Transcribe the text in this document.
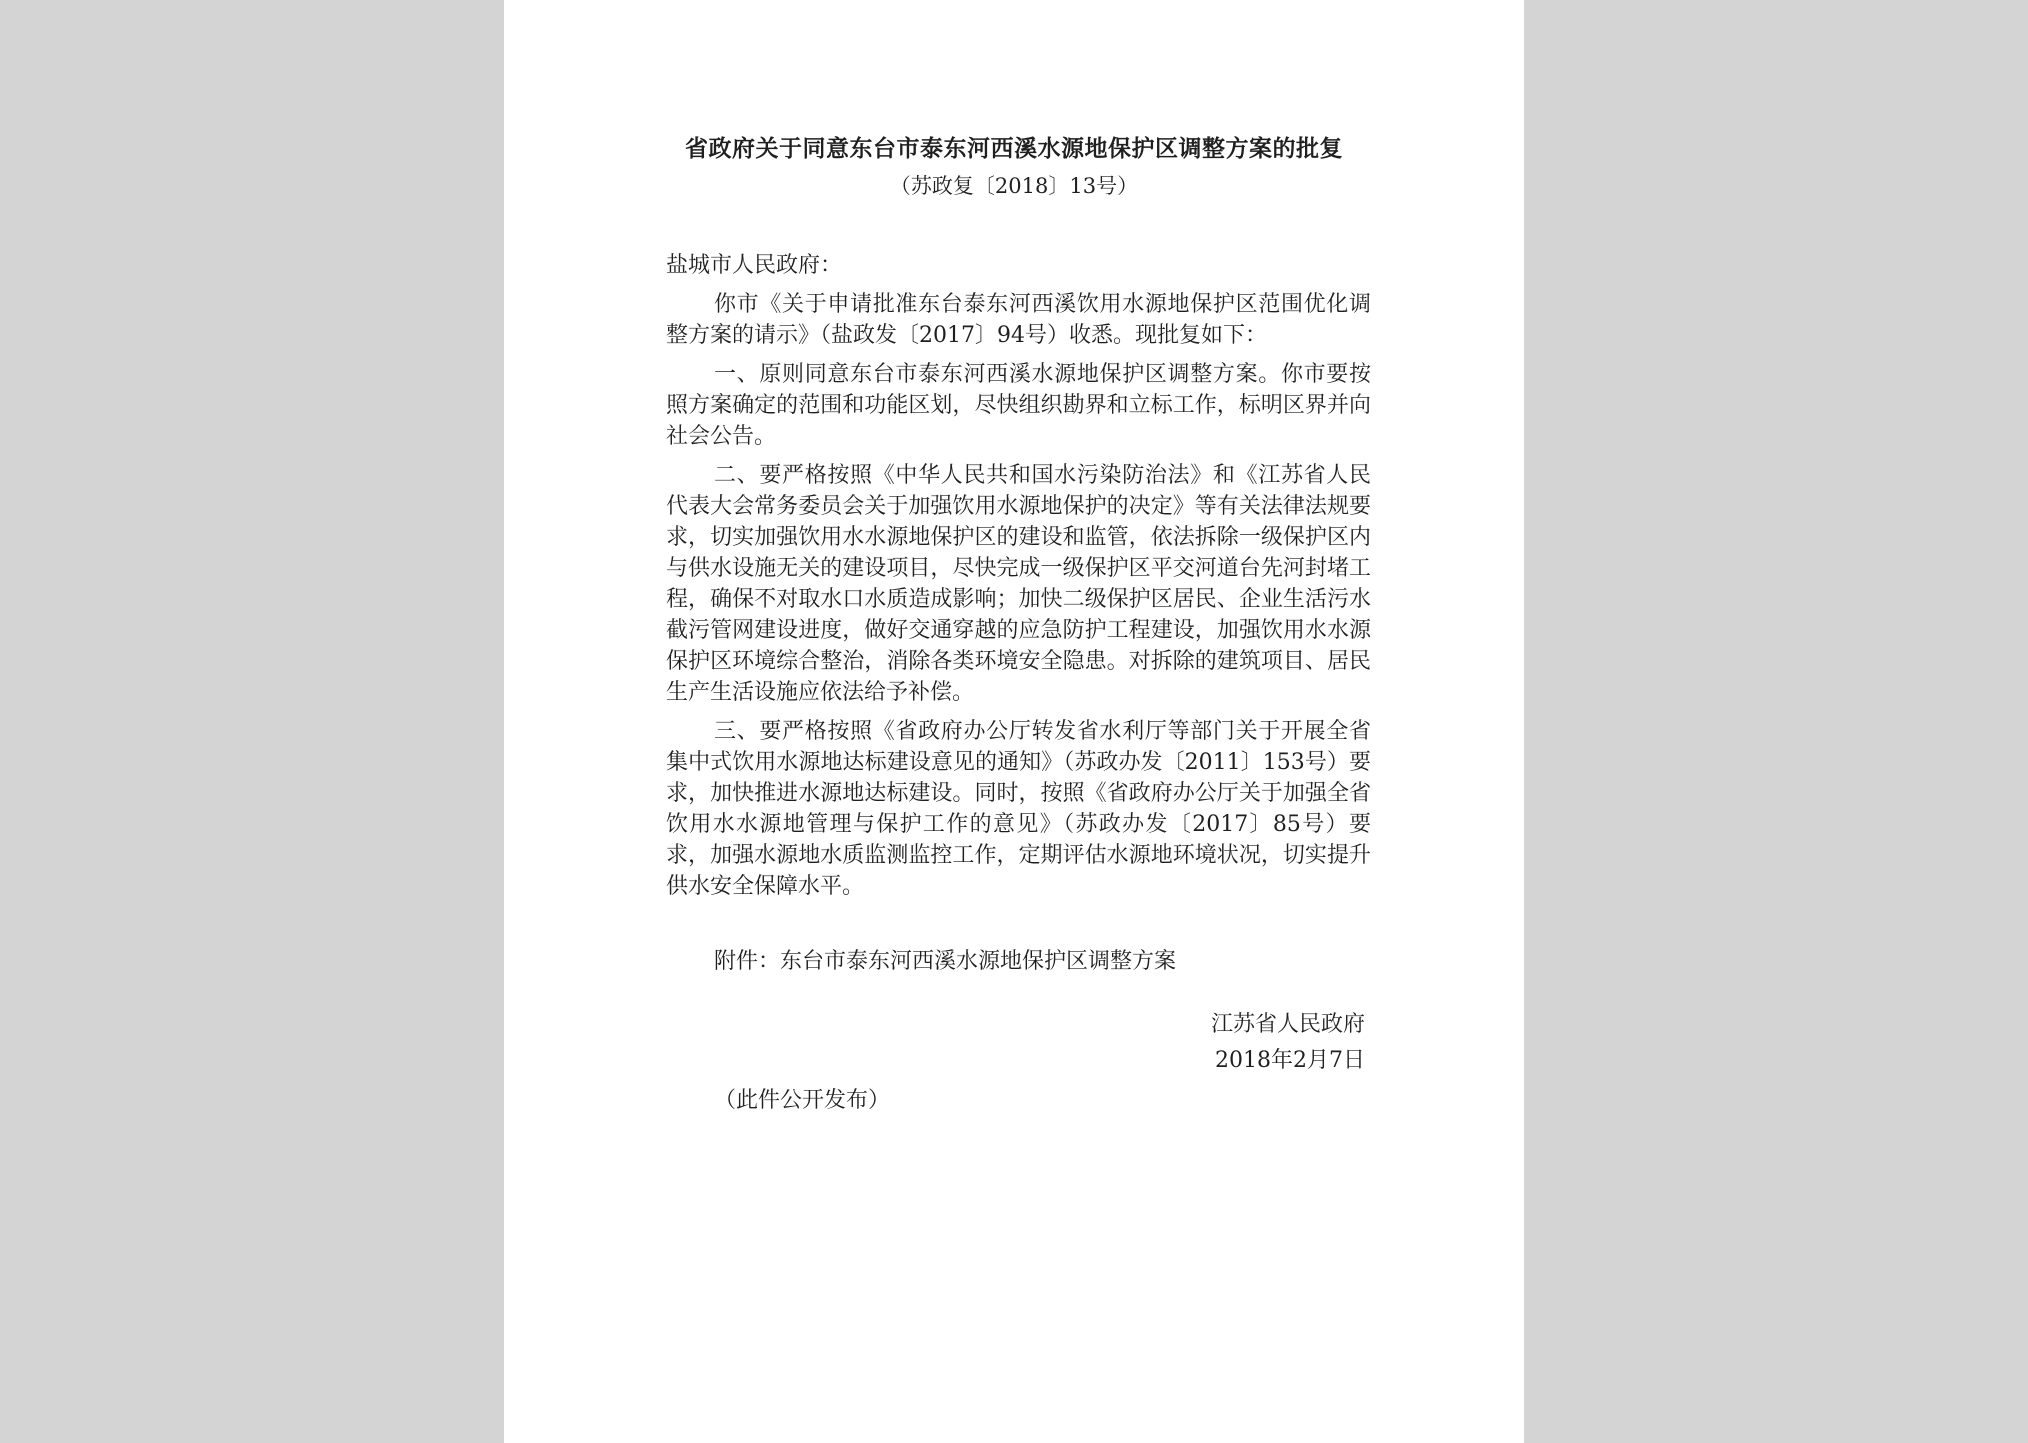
省政府关于同意东台市泰东河西溪水源地保护区调整方案的批复
（苏政复〔2018〕13号）

盐城市人民政府：

你市《关于申请批准东台泰东河西溪饮用水源地保护区范围优化调整方案的请示》（盐政发〔2017〕94号）收悉。现批复如下：

一、原则同意东台市泰东河西溪水源地保护区调整方案。你市要按照方案确定的范围和功能区划，尽快组织勘界和立标工作，标明区界并向社会公告。

二、要严格按照《中华人民共和国水污染防治法》和《江苏省人民代表大会常务委员会关于加强饮用水源地保护的决定》等有关法律法规要求，切实加强饮用水水源地保护区的建设和监管，依法拆除一级保护区内与供水设施无关的建设项目，尽快完成一级保护区平交河道台先河封堵工程，确保不对取水口水质造成影响；加快二级保护区居民、企业生活污水截污管网建设进度，做好交通穿越的应急防护工程建设，加强饮用水水源保护区环境综合整治，消除各类环境安全隐患。对拆除的建筑项目、居民生产生活设施应依法给予补偿。

三、要严格按照《省政府办公厅转发省水利厅等部门关于开展全省集中式饮用水源地达标建设意见的通知》（苏政办发〔2011〕153号）要求，加快推进水源地达标建设。同时，按照《省政府办公厅关于加强全省饮用水水源地管理与保护工作的意见》（苏政办发〔2017〕85号）要求，加强水源地水质监测监控工作，定期评估水源地环境状况，切实提升供水安全保障水平。

附件：东台市泰东河西溪水源地保护区调整方案

江苏省人民政府
2018年2月7日
（此件公开发布）
